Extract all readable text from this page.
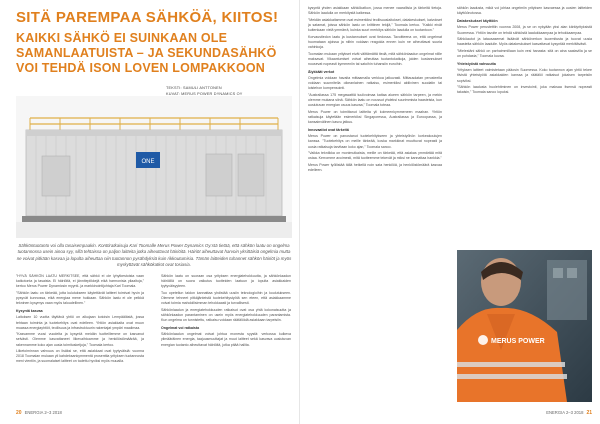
SITÄ PAREMPAA SÄHKÖÄ, KIITOS!
KAIKKI SÄHKÖ EI SUINKAAN OLE SAMANLAATUISTA – JA SEKUNDASÄHKÖ VOI TEHDÄ ISON LOVEN LOMPAKKOON
TEKSTI: SAMULI ANTTONEN
KUVAT: MERUS POWER DYNAMICS OY
ONE
Sähköntuotanto voi olla tasaisempaakin. Konttiratkaisuja Kari Toomalle Merus Power Dynamics Oy:stä tietää, että sähkön laatu on ongelma tuotannossa usein ainoa syy, sillä tehtaissa on paljon laitteita jotka aiheuttavat häiriöitä. Häiriöt aiheuttavat harvoin yksittäisiä ongelmia mutta ne voivat pitkään kasvaa ja lopulta aiheuttaa niin tuotannon pysähdyksiä kuin rikkoutumisia. Tämän laitteiden tuhannet sähkön häiriöt ja myös myrkyttävät sähkökatkot ovat tosiasia.

"HYVÄ SÄHKÖN LAATU MERKITSEE, että sähkö ei ole lyhytkestoista vaan katkotonta ja tasaista. Ei häiriöitä, ei jännitepiikkejä eikä harmonisia yliaaltoja," kertoo Merus Power Dynamicsin myynti- ja markkinointijohtaja Kari Toomala.

"Sähkön laatu on tärkeää, jotta kulutukseen käytettävät laitteet toimivat hyvin ja pysyvät kunnossa, eikä energiaa mene hukkaan. Sähkön laatu ei ole pelkkä tekninen kysymys vaan myös taloudellinen."

Kysyntä kasvaa

Laitoksen 10 vuotta täyttävä yhtiö on alkujaan kotoisin Lempäälästä, jossa tehtaan toiminta ja tuotekehitys ovat edelleen. Yhtiön asiakkaita ovat muun muassa energiayhtiöt, teollisuus ja infrastruktuurin rakentajat ympäri maailmaa.

"Kasvamme vuosi vuodelta ja kysyntä meidän tuotteillemme on kasvanut selvästi. Olemme kasvattaneet liikevaihtoamme ja henkilöstömäärää, ja rakennamme koko ajan uusia toimitusketjuja," Toomala kertoo.

Liiketoiminnan vahvuus on lisäksi se, että asiakkaat ovat tyytyväisiä: vuonna 2018 Toomalan mukaan yli kahdeksankymmentä prosenttia yrityksen tuotannosta meni vientiin, ja suomalaiset laitteet on todettu hyviksi myös muualla.

Sähkön laatu on suoraan osa yrityksen energiatehokkuutta, ja sähkönlaadun häiriöillä on suora vaikutus tuotteiden laatuun ja lopulta asiakkaiden tyytyväisyyteen.

Tuo opetellun taidon kannattaa yhdistää uusiin teknologioihin ja koulutukseen. Olemme tehneet pitkäjänteistä tuotekehitystyötä sen eteen, että asiakkaamme voivat toimia mahdollisimman tehokkaasti ja turvallisesti.

Sähkönlaadun ja energiatehokkuuden ratkaisut ovat osa yhtä kokonaisuutta ja sähkönlaadun parantaminen on usein myös energiatehokkuuden parantamista. Kun ongelma on tunnistettu, ratkaisu voidaan räätälöidä asiakkaan tarpeisiin.

Ongelmat voi ratkaista

Sähkönlaadun ongelmat voivat johtua monesta syystä: verkossa kulkeva ylimääräinen energia, taajuusmuuttajat ja muut laitteet sekä kasvava uusiutuvan energian tuotanto aiheuttavat häiriöitä, jotka pitää hallita.

20 ENERGIA 2–3 2018

kysyntä yhden asiakkaan sähkökatkon, jossa menee vaarallisia ja tärkeitä tietoja. Sähkön laadulla on merkitystä kaikessa.

"Meidän asiakkaitamme ovat esimerkiksi teollisuuslaitokset, datakeskukset, kaivokset ja satamat, joissa sähkön laatu on kriittinen tekijä," Toomala kertoo. "Kaikki eivät kuitenkaan vielä ymmärrä, kuinka suuri merkitys sähkön laadulla on tuotantoon."

Korvaustiedon laatu ja kustannukset ovat tiedossa. Tavoitteena on, että ongelmat huomataan ajoissa ja niihin voidaan reagoida ennen kuin ne aiheuttavat suuria vahinkoja.

Toomalan mukaan yritykset eivät välttämättä tiedä, mitä sähkönlaadun ongelmat niille maksavat. Vikaantumiset voivat aiheuttaa tuotantokatkoja, joiden kustannukset nousevat nopeasti kymmeniin tai satoihin tuhansiin euroihin.

Älykkäät verkot

Ongelmia voidaan havaita mittaamalla verkkoa jatkuvasti. Mittausdatan perusteella voidaan suunnitella oikeanlainen ratkaisu, esimerkiksi aktiivinen suodatin tai loistehon kompensointi.

"Australiassa 175 megawattiä tuulivoimaa kattaa alueen sähkön tarpeen, ja mekin olemme mukana siinä. Sähkön laatu on noussut yhdeksi suurimmista haasteista, kun uusiutuvan energian osuus kasvaa," Toomala toteaa.

Merus Power on toimittanut laitteita yli kolmeenkymmeneen maahan. Yhtiön ratkaisuja käytetään esimerkiksi Singaporessa, Australiassa ja Euroopassa, ja kansainvälinen kasvu jatkuu.

Innovaatiot ovat tärkeitä

Merus Power on panostanut tuotekehitykseen ja yhteistyöhön korkeakoulujen kanssa. "Tuotekehitys on meille tärkeää, koska markkinat muuttuvat nopeasti ja uusia ratkaisuja tarvitaan koko ajan," Toomala sanoo.

"Vaikka tekniikka on monimutkaista, meille on tärkeää, että asiakas ymmärtää mitä ostaa. Kerromme avoimesti, mitä tuotteemme tekevät ja miksi ne kannattaa hankkia."

Merus Power työllistää tällä hetkellä noin sata henkilöä, ja henkilöstömäärä kasvaa edelleen.

sähkön laadusta, mikä voi johtaa ongelmiin yrityksen kasvaessa ja uusien laitteiden käyttöönotossa.

Datakeskukset käyttöön

Merus Power perustettiin vuonna 2008, ja se on nykyään yksi alan kärkiyrityksistä Suomessa. Yhtiön tavoite on tehdä sähköstä laadukkaampaa ja tehokkaampaa.

Sähköautot ja latausasemat lisäävät sähköverkon kuormitusta ja tuovat uusia haasteita sähkön laadulle. Myös datakeskukset kasvattavat kysyntää merkittävästi.

"Mielestäni sähkö on parhaimmillaan kuin vesi hanasta: sitä on aina saatavilla ja se on puhdasta," Toomala kuvaa.

Yhteistyöstä vahvuutta

Yrityksen laitteet valmistetaan pääosin Suomessa. Koko tuotannon ajan yhtiö tekee tiivistä yhteistyötä asiakkaiden kanssa ja räätälöi ratkaisut jokaisen tarpeisiin sopiviksi.

"Sähkön laadusta huolehtiminen on investointi, joka maksaa itsensä nopeasti takaisin," Toomala sanoo lopuksi.

MERUS POWER
ENERGIA 2–3 2018 21
